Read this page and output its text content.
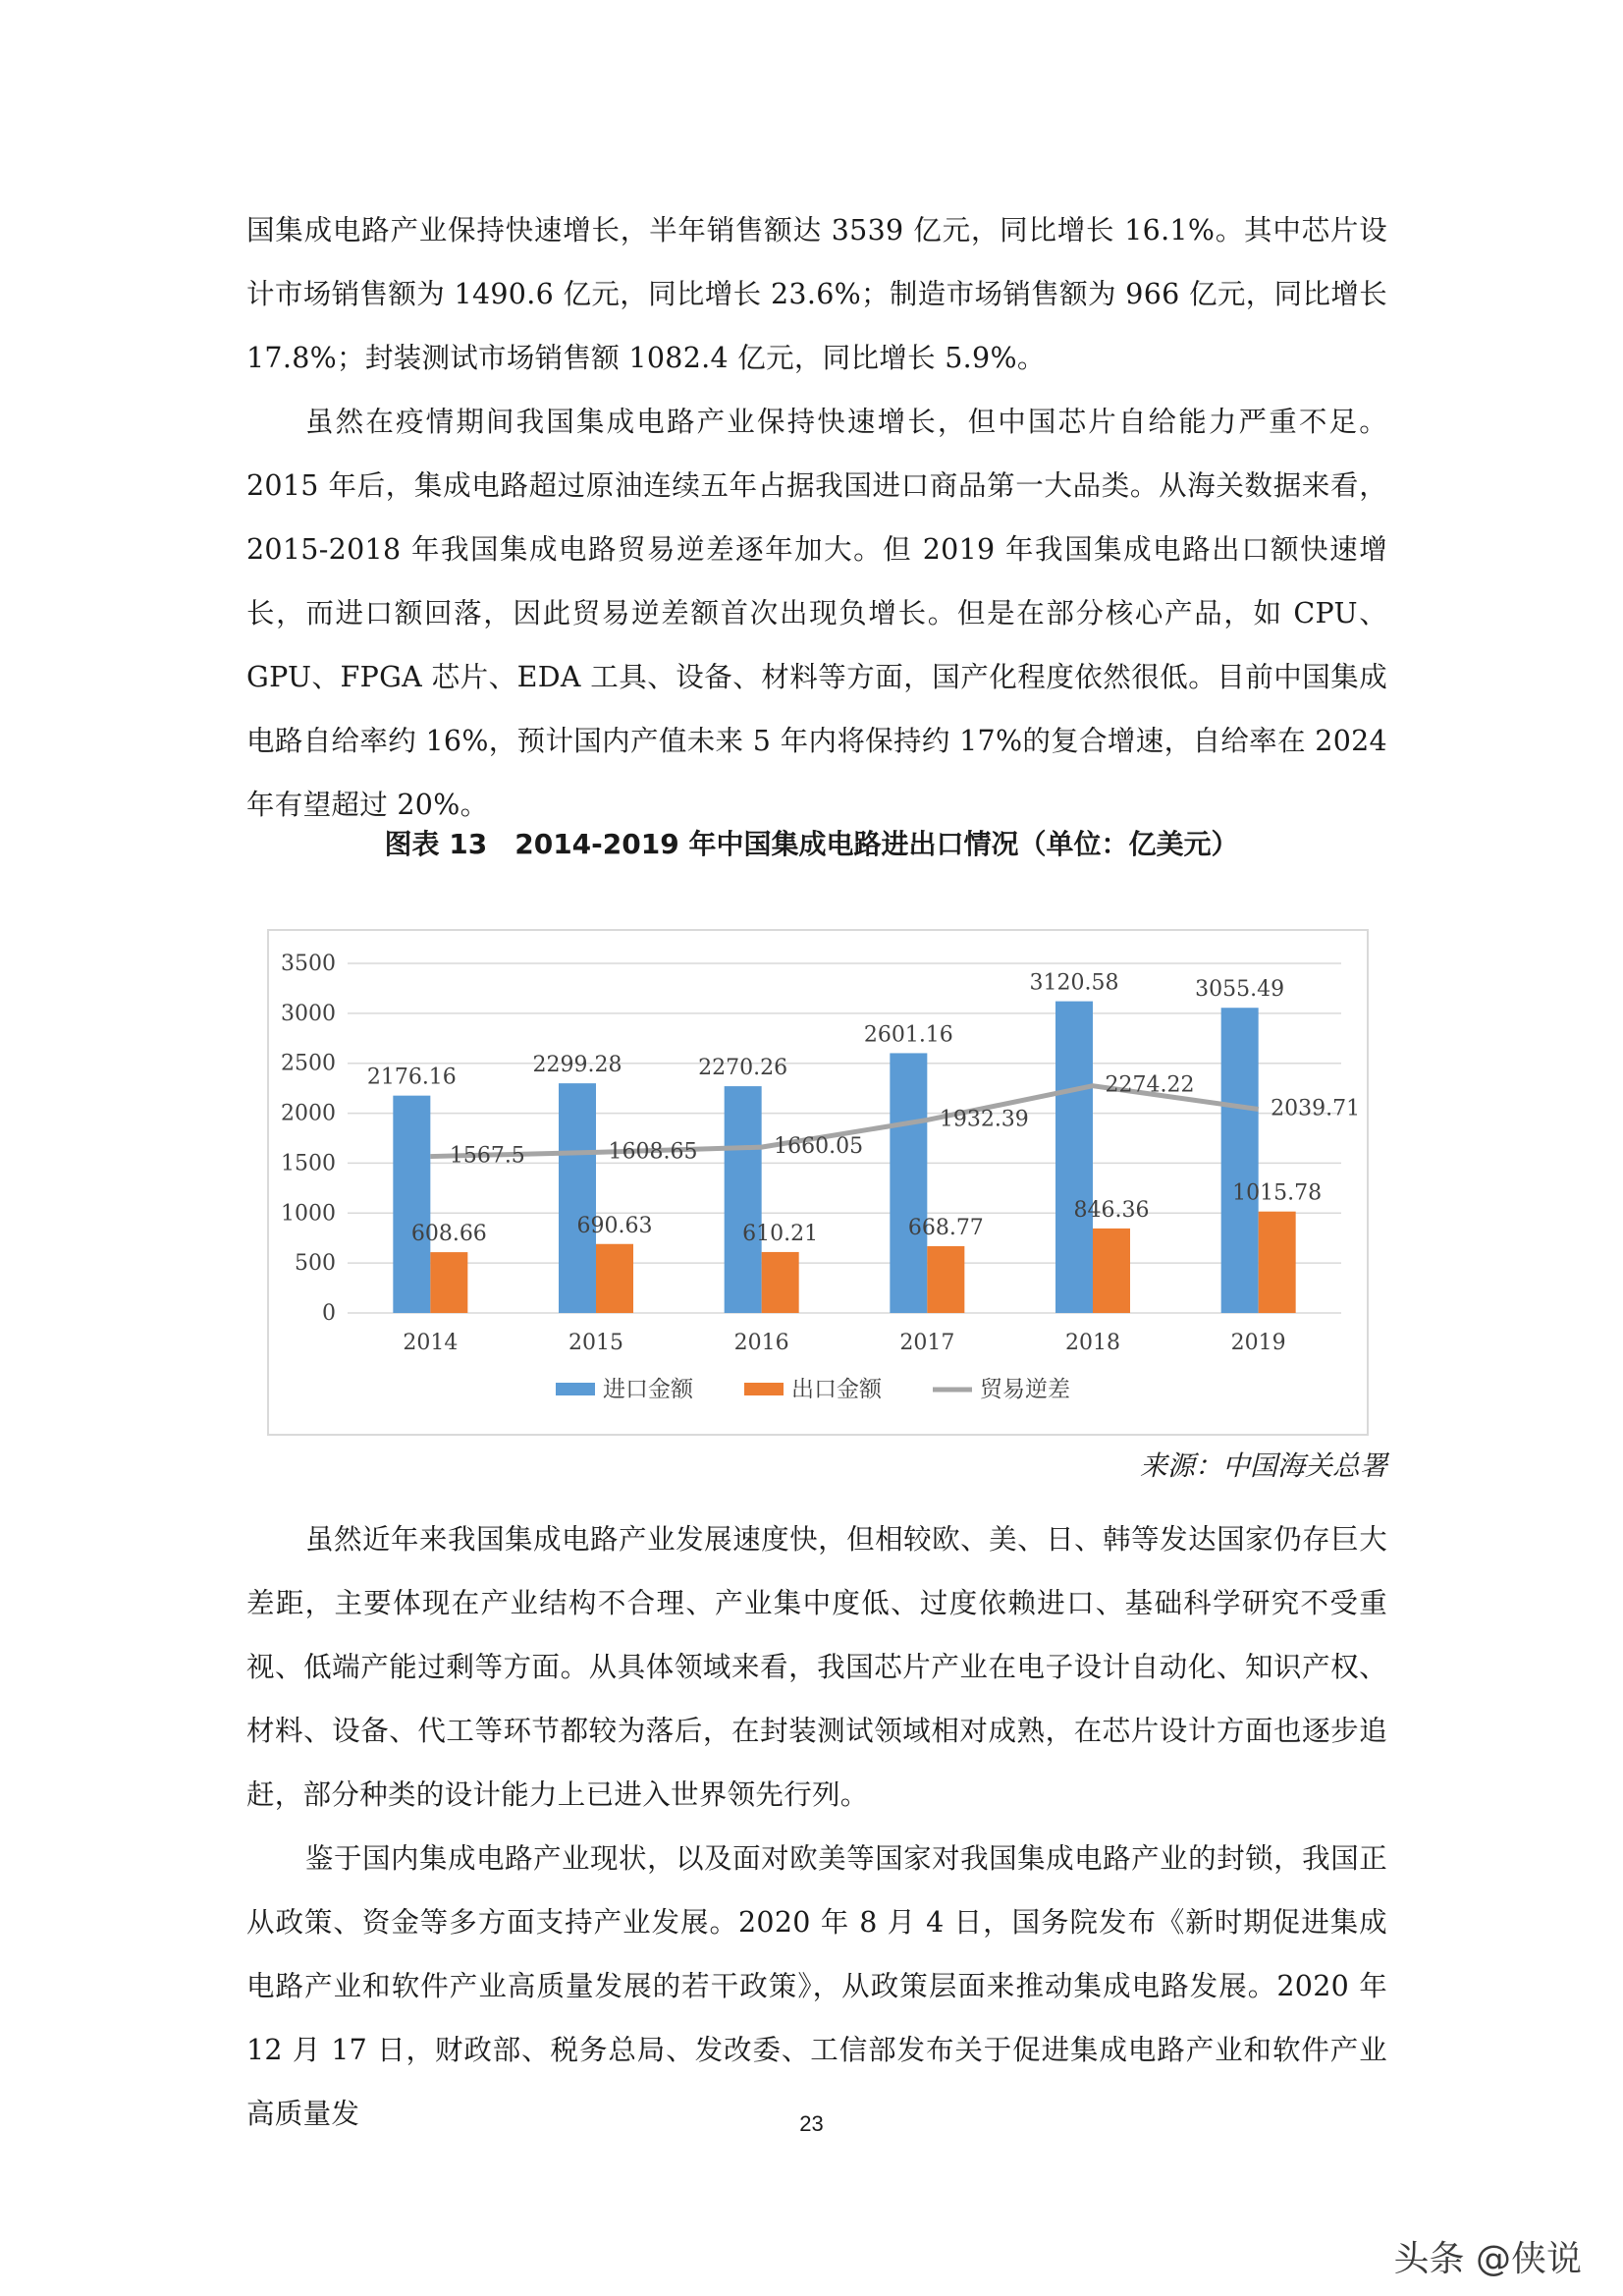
国集成电路产业保持快速增长，半年销售额达 3539 亿元，同比增长 16.1%。其中芯片设计市场销售额为 1490.6 亿元，同比增长 23.6%；制造市场销售额为 966 亿元，同比增长 17.8%；封装测试市场销售额 1082.4 亿元，同比增长 5.9%。

虽然在疫情期间我国集成电路产业保持快速增长，但中国芯片自给能力严重不足。2015 年后，集成电路超过原油连续五年占据我国进口商品第一大品类。从海关数据来看，2015-2018 年我国集成电路贸易逆差逐年加大。但 2019 年我国集成电路出口额快速增长，而进口额回落，因此贸易逆差额首次出现负增长。但是在部分核心产品，如 CPU、GPU、FPGA 芯片、EDA 工具、设备、材料等方面，国产化程度依然很低。目前中国集成电路自给率约 16%，预计国内产值未来 5 年内将保持约 17%的复合增速，自给率在 2024 年有望超过 20%。

图表 13　2014-2019 年中国集成电路进出口情况（单位：亿美元）

0
500
1000
1500
2000
2500
3000
3500
2176.16
608.66
1567.5
2014
2299.28
690.63
1608.65
2015
2270.26
610.21
1660.05
2016
2601.16
668.77
1932.39
2017
3120.58
846.36
2274.22
2018
3055.49
1015.78
2039.71
2019
进口金额	出口金额	贸易逆差

来源：中国海关总署

虽然近年来我国集成电路产业发展速度快，但相较欧、美、日、韩等发达国家仍存巨大差距，主要体现在产业结构不合理、产业集中度低、过度依赖进口、基础科学研究不受重视、低端产能过剩等方面。从具体领域来看，我国芯片产业在电子设计自动化、知识产权、材料、设备、代工等环节都较为落后，在封装测试领域相对成熟，在芯片设计方面也逐步追赶，部分种类的设计能力上已进入世界领先行列。

鉴于国内集成电路产业现状，以及面对欧美等国家对我国集成电路产业的封锁，我国正从政策、资金等多方面支持产业发展。2020 年 8 月 4 日，国务院发布《新时期促进集成电路产业和软件产业高质量发展的若干政策》，从政策层面来推动集成电路发展。2020 年 12 月 17 日，财政部、税务总局、发改委、工信部发布关于促进集成电路产业和软件产业高质量发	23
头条 @侠说
